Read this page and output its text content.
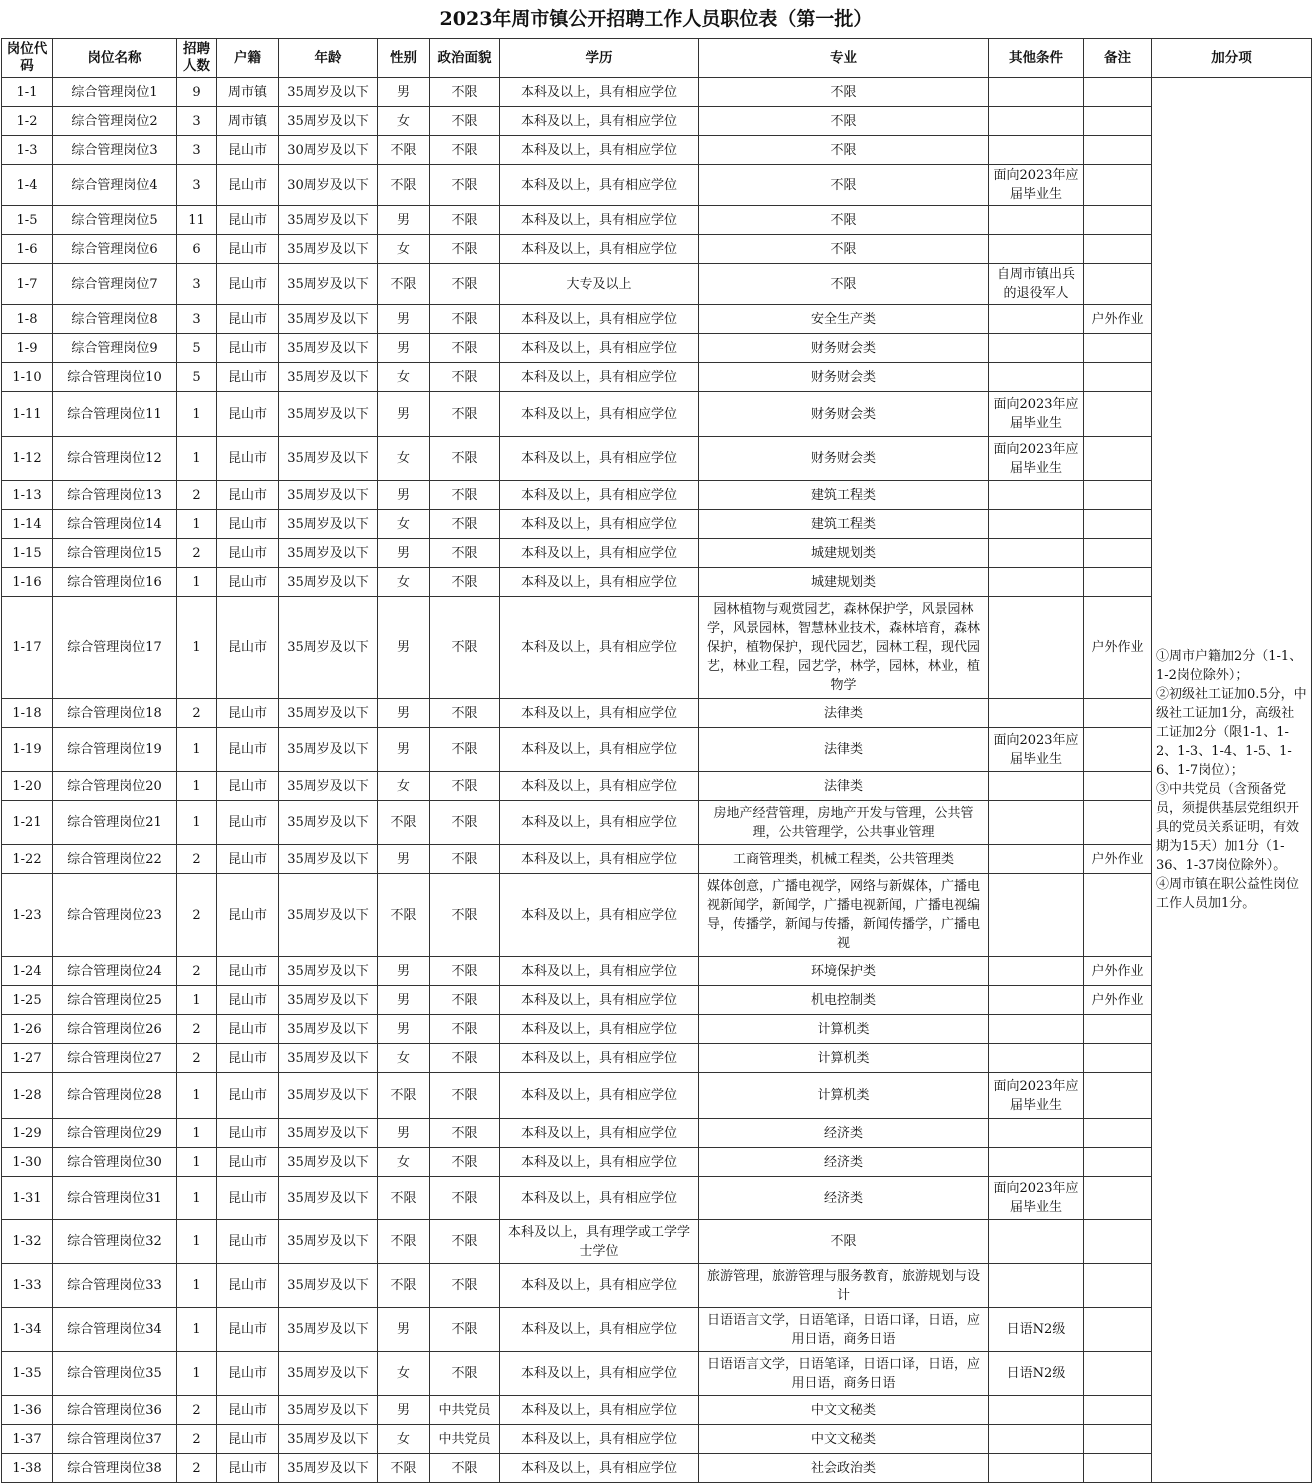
2023年周市镇公开招聘工作人员职位表（第一批）
岗位代码	岗位名称	招聘人数	户籍	年龄	性别	政治面貌	学历	专业	其他条件	备注	加分项
1-1	综合管理岗位1	9	周市镇	35周岁及以下	男	不限	本科及以上，具有相应学位	不限			①周市户籍加2分（1-1、1-2岗位除外）；
②初级社工证加0.5分，中级社工证加1分，高级社工证加2分（限1-1、1-2、1-3、1-4、1-5、1-6、1-7岗位）；
③中共党员（含预备党员，须提供基层党组织开具的党员关系证明，有效期为15天）加1分（1-36、1-37岗位除外）。
④周市镇在职公益性岗位工作人员加1分。
1-2	综合管理岗位2	3	周市镇	35周岁及以下	女	不限	本科及以上，具有相应学位	不限			
1-3	综合管理岗位3	3	昆山市	30周岁及以下	不限	不限	本科及以上，具有相应学位	不限			
1-4	综合管理岗位4	3	昆山市	30周岁及以下	不限	不限	本科及以上，具有相应学位	不限	面向2023年应届毕业生		
1-5	综合管理岗位5	11	昆山市	35周岁及以下	男	不限	本科及以上，具有相应学位	不限			
1-6	综合管理岗位6	6	昆山市	35周岁及以下	女	不限	本科及以上，具有相应学位	不限			
1-7	综合管理岗位7	3	昆山市	35周岁及以下	不限	不限	大专及以上	不限	自周市镇出兵的退役军人		
1-8	综合管理岗位8	3	昆山市	35周岁及以下	男	不限	本科及以上，具有相应学位	安全生产类		户外作业	
1-9	综合管理岗位9	5	昆山市	35周岁及以下	男	不限	本科及以上，具有相应学位	财务财会类			
1-10	综合管理岗位10	5	昆山市	35周岁及以下	女	不限	本科及以上，具有相应学位	财务财会类			
1-11	综合管理岗位11	1	昆山市	35周岁及以下	男	不限	本科及以上，具有相应学位	财务财会类	面向2023年应届毕业生		
1-12	综合管理岗位12	1	昆山市	35周岁及以下	女	不限	本科及以上，具有相应学位	财务财会类	面向2023年应届毕业生		
1-13	综合管理岗位13	2	昆山市	35周岁及以下	男	不限	本科及以上，具有相应学位	建筑工程类			
1-14	综合管理岗位14	1	昆山市	35周岁及以下	女	不限	本科及以上，具有相应学位	建筑工程类			
1-15	综合管理岗位15	2	昆山市	35周岁及以下	男	不限	本科及以上，具有相应学位	城建规划类			
1-16	综合管理岗位16	1	昆山市	35周岁及以下	女	不限	本科及以上，具有相应学位	城建规划类			
1-17	综合管理岗位17	1	昆山市	35周岁及以下	男	不限	本科及以上，具有相应学位	园林植物与观赏园艺，森林保护学，风景园林学，风景园林，智慧林业技术，森林培育，森林保护，植物保护，现代园艺，园林工程，现代园艺，林业工程，园艺学，林学，园林，林业，植物学		户外作业	
1-18	综合管理岗位18	2	昆山市	35周岁及以下	男	不限	本科及以上，具有相应学位	法律类			
1-19	综合管理岗位19	1	昆山市	35周岁及以下	男	不限	本科及以上，具有相应学位	法律类	面向2023年应届毕业生		
1-20	综合管理岗位20	1	昆山市	35周岁及以下	女	不限	本科及以上，具有相应学位	法律类			
1-21	综合管理岗位21	1	昆山市	35周岁及以下	不限	不限	本科及以上，具有相应学位	房地产经营管理，房地产开发与管理，公共管理，公共管理学，公共事业管理			
1-22	综合管理岗位22	2	昆山市	35周岁及以下	男	不限	本科及以上，具有相应学位	工商管理类，机械工程类，公共管理类		户外作业	
1-23	综合管理岗位23	2	昆山市	35周岁及以下	不限	不限	本科及以上，具有相应学位	媒体创意，广播电视学，网络与新媒体，广播电视新闻学，新闻学，广播电视新闻，广播电视编导，传播学，新闻与传播，新闻传播学，广播电视			
1-24	综合管理岗位24	2	昆山市	35周岁及以下	男	不限	本科及以上，具有相应学位	环境保护类		户外作业	
1-25	综合管理岗位25	1	昆山市	35周岁及以下	男	不限	本科及以上，具有相应学位	机电控制类		户外作业	
1-26	综合管理岗位26	2	昆山市	35周岁及以下	男	不限	本科及以上，具有相应学位	计算机类			
1-27	综合管理岗位27	2	昆山市	35周岁及以下	女	不限	本科及以上，具有相应学位	计算机类			
1-28	综合管理岗位28	1	昆山市	35周岁及以下	不限	不限	本科及以上，具有相应学位	计算机类	面向2023年应届毕业生		
1-29	综合管理岗位29	1	昆山市	35周岁及以下	男	不限	本科及以上，具有相应学位	经济类			
1-30	综合管理岗位30	1	昆山市	35周岁及以下	女	不限	本科及以上，具有相应学位	经济类			
1-31	综合管理岗位31	1	昆山市	35周岁及以下	不限	不限	本科及以上，具有相应学位	经济类	面向2023年应届毕业生		
1-32	综合管理岗位32	1	昆山市	35周岁及以下	不限	不限	本科及以上，具有理学或工学学士学位	不限			
1-33	综合管理岗位33	1	昆山市	35周岁及以下	不限	不限	本科及以上，具有相应学位	旅游管理，旅游管理与服务教育，旅游规划与设计			
1-34	综合管理岗位34	1	昆山市	35周岁及以下	男	不限	本科及以上，具有相应学位	日语语言文学，日语笔译，日语口译，日语，应用日语，商务日语	日语N2级		
1-35	综合管理岗位35	1	昆山市	35周岁及以下	女	不限	本科及以上，具有相应学位	日语语言文学，日语笔译，日语口译，日语，应用日语，商务日语	日语N2级		
1-36	综合管理岗位36	2	昆山市	35周岁及以下	男	中共党员	本科及以上，具有相应学位	中文文秘类			
1-37	综合管理岗位37	2	昆山市	35周岁及以下	女	中共党员	本科及以上，具有相应学位	中文文秘类			
1-38	综合管理岗位38	2	昆山市	35周岁及以下	不限	不限	本科及以上，具有相应学位	社会政治类			
